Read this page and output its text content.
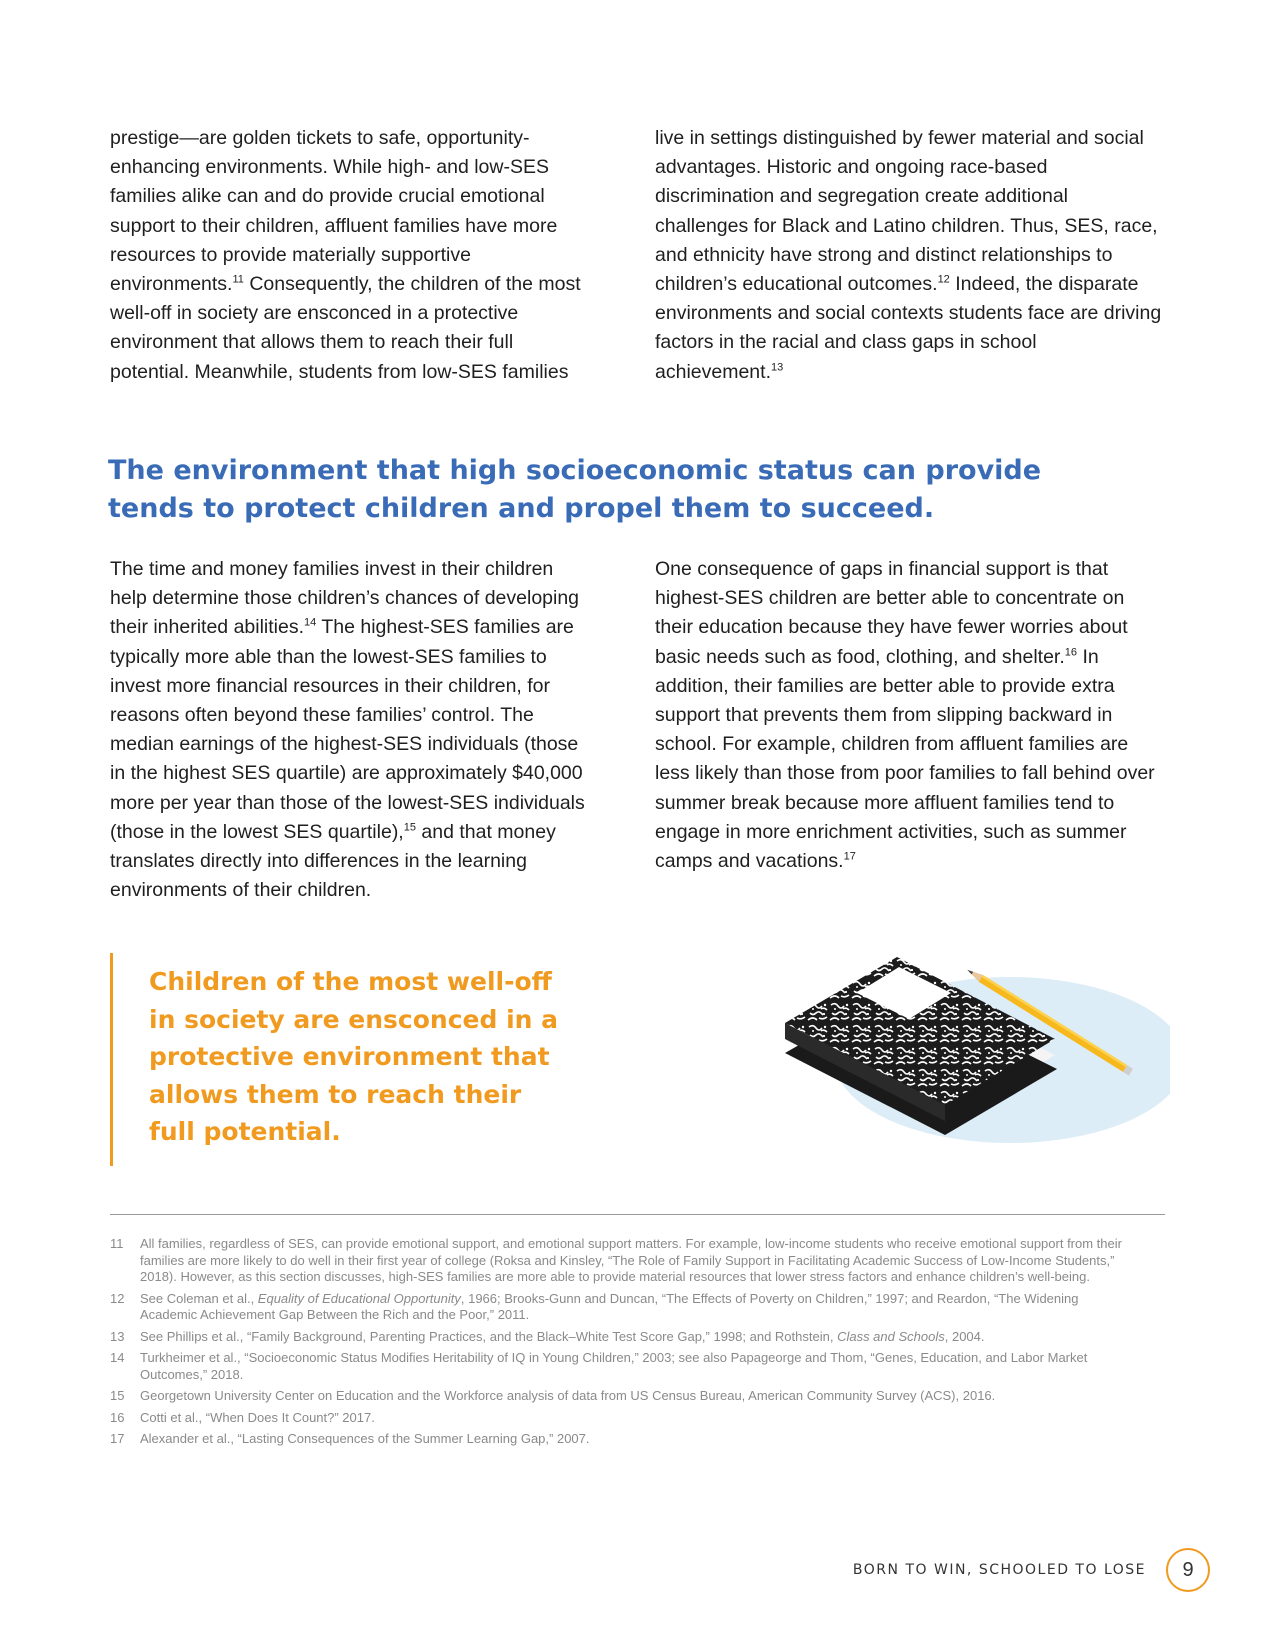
prestige—are golden tickets to safe, opportunity-enhancing environments. While high- and low-SES families alike can and do provide crucial emotional support to their children, affluent families have more resources to provide materially supportive environments.$^{11}$ Consequently, the children of the most well-off in society are ensconced in a protective environment that allows them to reach their full potential. Meanwhile, students from low-SES families

live in settings distinguished by fewer material and social advantages. Historic and ongoing race-based discrimination and segregation create additional challenges for Black and Latino children. Thus, SES, race, and ethnicity have strong and distinct relationships to children’s educational outcomes.$^{12}$ Indeed, the disparate environments and social contexts students face are driving factors in the racial and class gaps in school achievement.$^{13}$

The environment that high socioeconomic status can provide tends to protect children and propel them to succeed.

The time and money families invest in their children help determine those children’s chances of developing their inherited abilities.$^{14}$ The highest-SES families are typically more able than the lowest-SES families to invest more financial resources in their children, for reasons often beyond these families’ control. The median earnings of the highest-SES individuals (those in the highest SES quartile) are approximately $40,000 more per year than those of the lowest-SES individuals (those in the lowest SES quartile),$^{15}$ and that money translates directly into differences in the learning environments of their children.

One consequence of gaps in financial support is that highest-SES children are better able to concentrate on their education because they have fewer worries about basic needs such as food, clothing, and shelter.$^{16}$ In addition, their families are better able to provide extra support that prevents them from slipping backward in school. For example, children from affluent families are less likely than those from poor families to fall behind over summer break because more affluent families tend to engage in more enrichment activities, such as summer camps and vacations.$^{17}$

Children of the most well-off in society are ensconced in a protective environment that allows them to reach their full potential.

11	All families, regardless of SES, can provide emotional support, and emotional support matters. For example, low-income students who receive emotional support from their families are more likely to do well in their first year of college (Roksa and Kinsley, “The Role of Family Support in Facilitating Academic Success of Low-Income Students,” 2018). However, as this section discusses, high-SES families are more able to provide material resources that lower stress factors and enhance children’s well-being.
12	See Coleman et al., Equality of Educational Opportunity, 1966; Brooks-Gunn and Duncan, “The Effects of Poverty on Children,” 1997; and Reardon, “The Widening Academic Achievement Gap Between the Rich and the Poor,” 2011.
13	See Phillips et al., “Family Background, Parenting Practices, and the Black–White Test Score Gap,” 1998; and Rothstein, Class and Schools, 2004.
14	Turkheimer et al., “Socioeconomic Status Modifies Heritability of IQ in Young Children,” 2003; see also Papageorge and Thom, “Genes, Education, and Labor Market Outcomes,” 2018.
15	Georgetown University Center on Education and the Workforce analysis of data from US Census Bureau, American Community Survey (ACS), 2016.
16	Cotti et al., “When Does It Count?” 2017.
17	Alexander et al., “Lasting Consequences of the Summer Learning Gap,” 2007.
BORN TO WIN, SCHOOLED TO LOSE	9
